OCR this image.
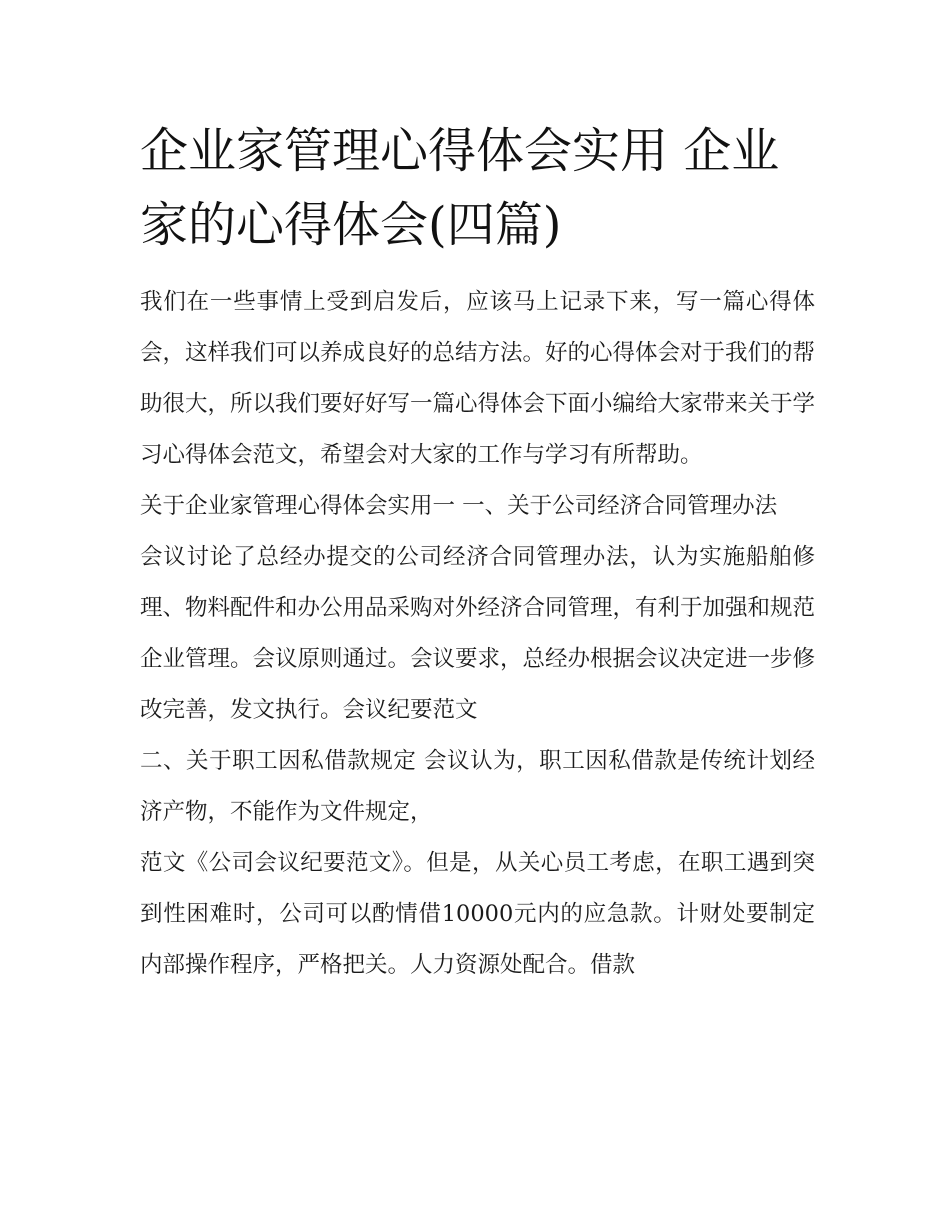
企业家管理心得体会实用 企业家的心得体会(四篇)

我们在一些事情上受到启发后，应该马上记录下来，写一篇心得体会，这样我们可以养成良好的总结方法。好的心得体会对于我们的帮助很大，所以我们要好好写一篇心得体会下面小编给大家带来关于学习心得体会范文，希望会对大家的工作与学习有所帮助。

关于企业家管理心得体会实用一 一、关于公司经济合同管理办法

会议讨论了总经办提交的公司经济合同管理办法，认为实施船舶修理、物料配件和办公用品采购对外经济合同管理，有利于加强和规范企业管理。会议原则通过。会议要求，总经办根据会议决定进一步修改完善，发文执行。会议纪要范文

二、关于职工因私借款规定 会议认为，职工因私借款是传统计划经济产物，不能作为文件规定，

范文《公司会议纪要范文》。但是，从关心员工考虑，在职工遇到突到性困难时，公司可以酌情借10000元内的应急款。计财处要制定内部操作程序，严格把关。人力资源处配合。借款
